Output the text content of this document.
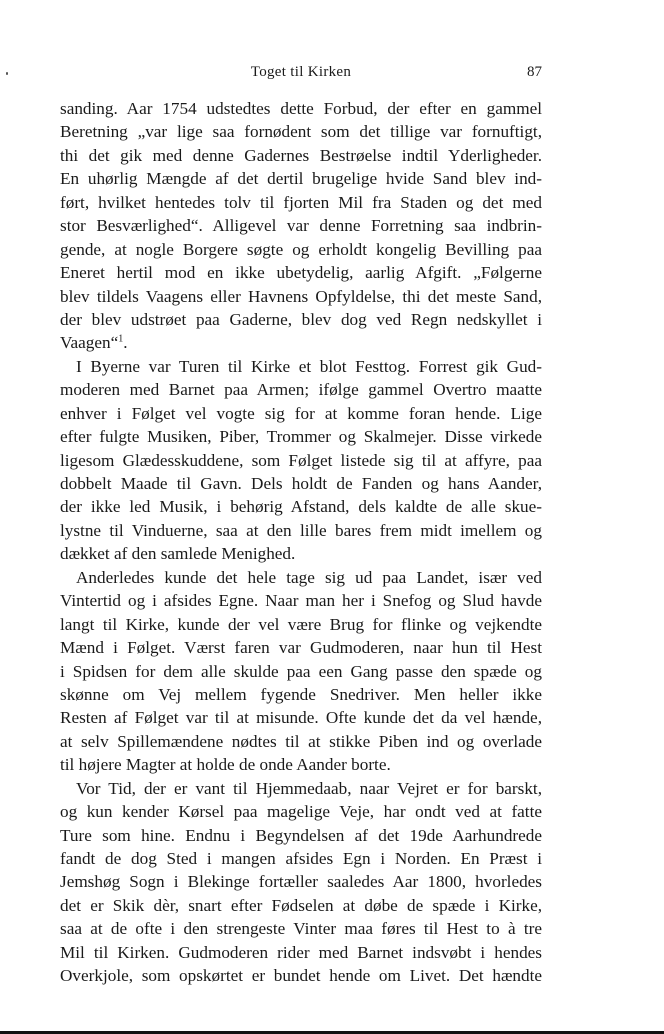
Toget til Kirken	87
sanding. Aar 1754 udstedtes dette Forbud, der efter en gammel
Beretning „var lige saa fornødent som det tillige var fornuftigt,
thi det gik med denne Gadernes Bestrøelse indtil Yderligheder.
En uhørlig Mængde af det dertil brugelige hvide Sand blev ind-
ført, hvilket hentedes tolv til fjorten Mil fra Staden og det med
stor Besværlighed“. Alligevel var denne Forretning saa indbrin-
gende, at nogle Borgere søgte og erholdt kongelig Bevilling paa
Eneret hertil mod en ikke ubetydelig, aarlig Afgift. „Følgerne
blev tildels Vaagens eller Havnens Opfyldelse, thi det meste Sand,
der blev udstrøet paa Gaderne, blev dog ved Regn nedskyllet i
Vaagen“$^1$.
I Byerne var Turen til Kirke et blot Festtog. Forrest gik Gud-
moderen med Barnet paa Armen; ifølge gammel Overtro maatte
enhver i Følget vel vogte sig for at komme foran hende. Lige
efter fulgte Musiken, Piber, Trommer og Skalmejer. Disse virkede
ligesom Glædesskuddene, som Følget listede sig til at affyre, paa
dobbelt Maade til Gavn. Dels holdt de Fanden og hans Aander,
der ikke led Musik, i behørig Afstand, dels kaldte de alle skue-
lystne til Vinduerne, saa at den lille bares frem midt imellem og
dækket af den samlede Menighed.
Anderledes kunde det hele tage sig ud paa Landet, især ved
Vintertid og i afsides Egne. Naar man her i Snefog og Slud havde
langt til Kirke, kunde der vel være Brug for flinke og vejkendte
Mænd i Følget. Værst faren var Gudmoderen, naar hun til Hest
i Spidsen for dem alle skulde paa een Gang passe den spæde og
skønne om Vej mellem fygende Snedriver. Men heller ikke
Resten af Følget var til at misunde. Ofte kunde det da vel hænde,
at selv Spillemændene nødtes til at stikke Piben ind og overlade
til højere Magter at holde de onde Aander borte.
Vor Tid, der er vant til Hjemmedaab, naar Vejret er for barskt,
og kun kender Kørsel paa magelige Veje, har ondt ved at fatte
Ture som hine. Endnu i Begyndelsen af det 19de Aarhundrede
fandt de dog Sted i mangen afsides Egn i Norden. En Præst i
Jemshøg Sogn i Blekinge fortæller saaledes Aar 1800, hvorledes
det er Skik dèr, snart efter Fødselen at døbe de spæde i Kirke,
saa at de ofte i den strengeste Vinter maa føres til Hest to à tre
Mil til Kirken. Gudmoderen rider med Barnet indsvøbt i hendes
Overkjole, som opskørtet er bundet hende om Livet. Det hændte
